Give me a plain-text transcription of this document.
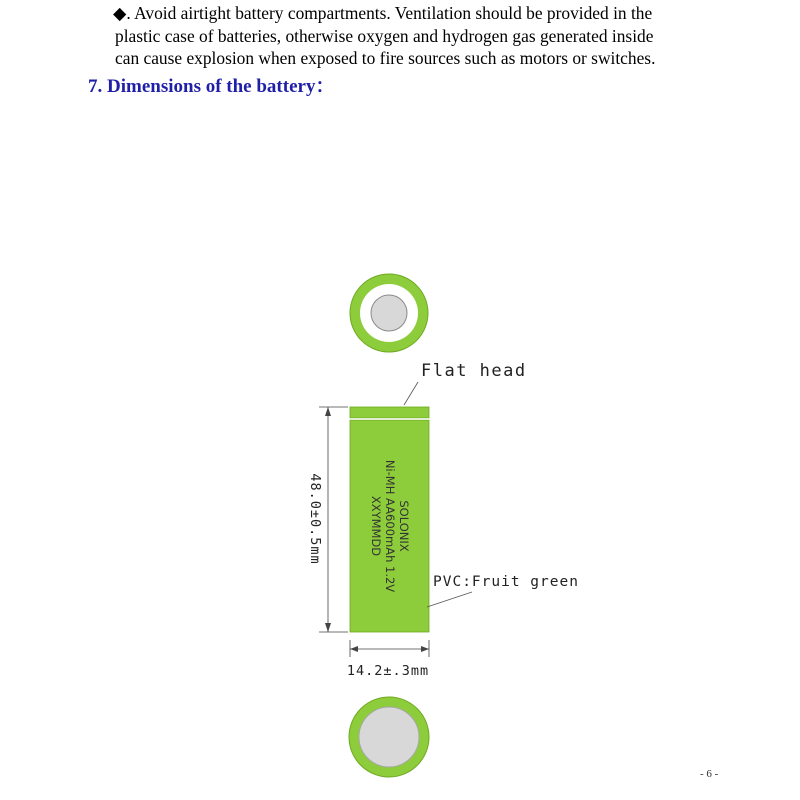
◆. Avoid airtight battery compartments. Ventilation should be provided in the
plastic case of batteries, otherwise oxygen and hydrogen gas generated inside
can cause explosion when exposed to fire sources such as motors or switches.

7. Dimensions of the battery：
Flat head
SOLONIX
Ni-MH AA600mAh 1.2V
XXYMMDD
PVC:Fruit green
48.0±0.5mm
14.2±.3mm
- 6 -
